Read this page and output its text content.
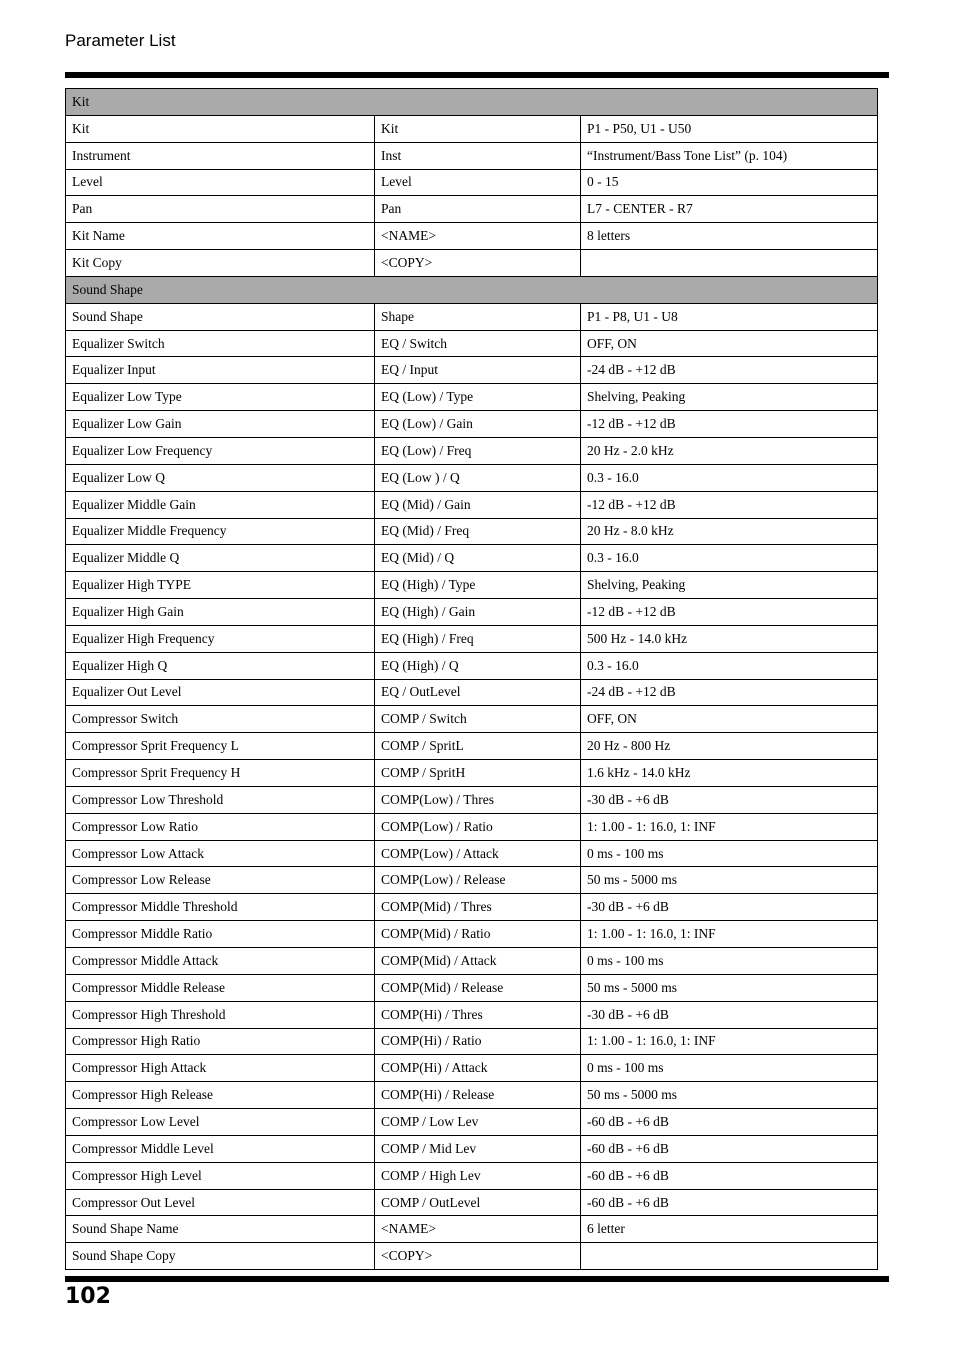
Parameter List
Kit		
Kit	Kit	P1 - P50, U1 - U50
Instrument	Inst	“Instrument/Bass Tone List” (p. 104)
Level	Level	0 - 15
Pan	Pan	L7 - CENTER - R7
Kit Name	<NAME>	8 letters
Kit Copy	<COPY>	
Sound Shape		
Sound Shape	Shape	P1 - P8, U1 - U8
Equalizer Switch	EQ / Switch	OFF, ON
Equalizer Input	EQ / Input	-24 dB - +12 dB
Equalizer Low Type	EQ (Low) / Type	Shelving, Peaking
Equalizer Low Gain	EQ (Low) / Gain	-12 dB - +12 dB
Equalizer Low Frequency	EQ (Low) / Freq	20 Hz - 2.0 kHz
Equalizer Low Q	EQ (Low ) / Q	0.3 - 16.0
Equalizer Middle Gain	EQ (Mid) / Gain	-12 dB - +12 dB
Equalizer Middle Frequency	EQ (Mid) / Freq	20 Hz - 8.0 kHz
Equalizer Middle Q	EQ (Mid) / Q	0.3 - 16.0
Equalizer High TYPE	EQ (High) / Type	Shelving, Peaking
Equalizer High Gain	EQ (High) / Gain	-12 dB - +12 dB
Equalizer High Frequency	EQ (High) / Freq	500 Hz - 14.0 kHz
Equalizer High Q	EQ (High) / Q	0.3 - 16.0
Equalizer Out Level	EQ / OutLevel	-24 dB - +12 dB
Compressor Switch	COMP / Switch	OFF, ON
Compressor Sprit Frequency L	COMP / SpritL	20 Hz - 800 Hz
Compressor Sprit Frequency H	COMP / SpritH	1.6 kHz - 14.0 kHz
Compressor Low Threshold	COMP(Low) / Thres	-30 dB - +6 dB
Compressor Low Ratio	COMP(Low) / Ratio	1: 1.00 - 1: 16.0, 1: INF
Compressor Low Attack	COMP(Low) / Attack	0 ms - 100 ms
Compressor Low Release	COMP(Low) / Release	50 ms - 5000 ms
Compressor Middle Threshold	COMP(Mid) / Thres	-30 dB - +6 dB
Compressor Middle Ratio	COMP(Mid) / Ratio	1: 1.00 - 1: 16.0, 1: INF
Compressor Middle Attack	COMP(Mid) / Attack	0 ms - 100 ms
Compressor Middle Release	COMP(Mid) / Release	50 ms - 5000 ms
Compressor High Threshold	COMP(Hi) / Thres	-30 dB - +6 dB
Compressor High Ratio	COMP(Hi) / Ratio	1: 1.00 - 1: 16.0, 1: INF
Compressor High Attack	COMP(Hi) / Attack	0 ms - 100 ms
Compressor High Release	COMP(Hi) / Release	50 ms - 5000 ms
Compressor Low Level	COMP / Low Lev	-60 dB - +6 dB
Compressor Middle Level	COMP / Mid Lev	-60 dB - +6 dB
Compressor High Level	COMP / High Lev	-60 dB - +6 dB
Compressor Out Level	COMP / OutLevel	-60 dB - +6 dB
Sound Shape Name	<NAME>	6 letter
Sound Shape Copy	<COPY>	
102
